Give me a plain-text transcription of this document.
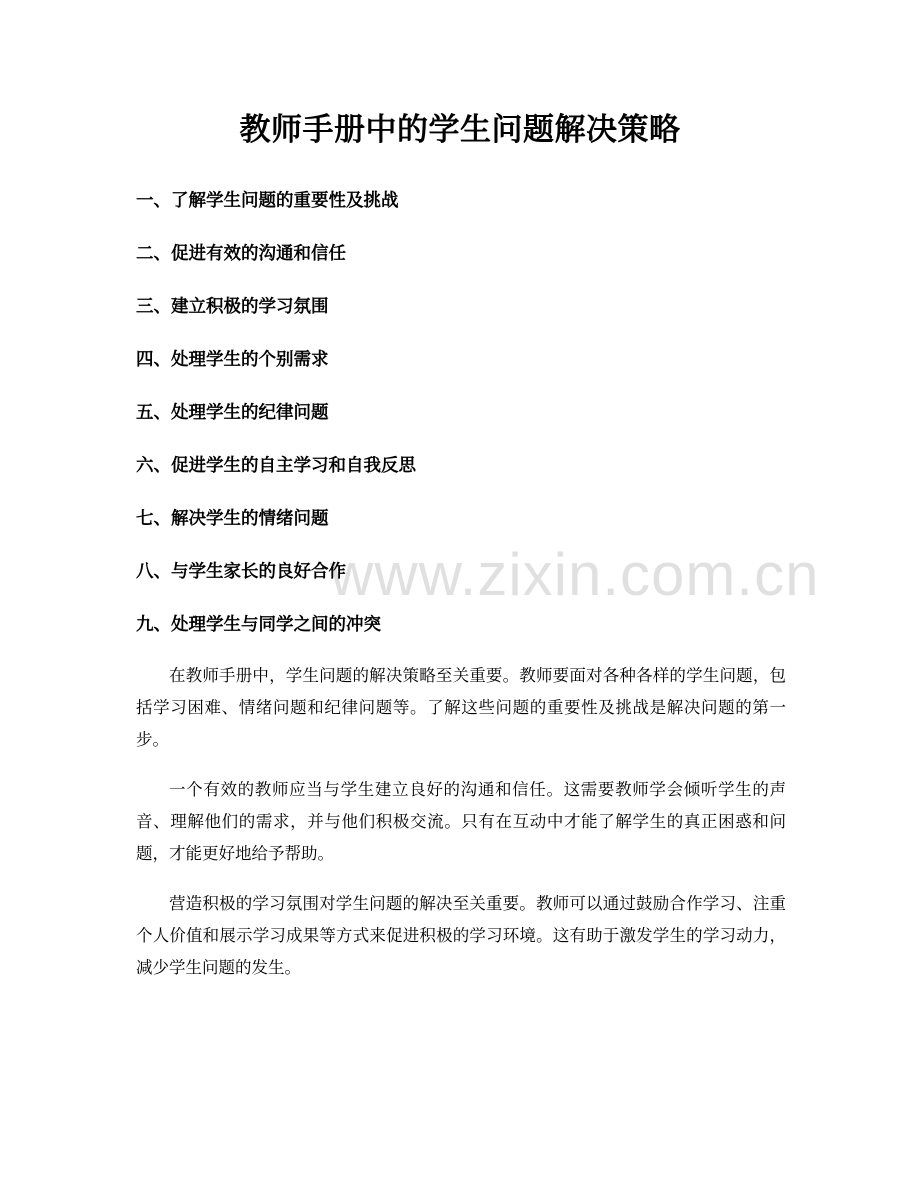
教师手册中的学生问题解决策略
一、了解学生问题的重要性及挑战
二、促进有效的沟通和信任
三、建立积极的学习氛围
四、处理学生的个别需求
五、处理学生的纪律问题
六、促进学生的自主学习和自我反思
七、解决学生的情绪问题
八、与学生家长的良好合作
九、处理学生与同学之间的冲突

在教师手册中，学生问题的解决策略至关重要。教师要面对各种各样的学生问题，包括学习困难、情绪问题和纪律问题等。了解这些问题的重要性及挑战是解决问题的第一步。

一个有效的教师应当与学生建立良好的沟通和信任。这需要教师学会倾听学生的声音、理解他们的需求，并与他们积极交流。只有在互动中才能了解学生的真正困惑和问题，才能更好地给予帮助。

营造积极的学习氛围对学生问题的解决至关重要。教师可以通过鼓励合作学习、注重个人价值和展示学习成果等方式来促进积极的学习环境。这有助于激发学生的学习动力，减少学生问题的发生。

www.zixin.com.cn
